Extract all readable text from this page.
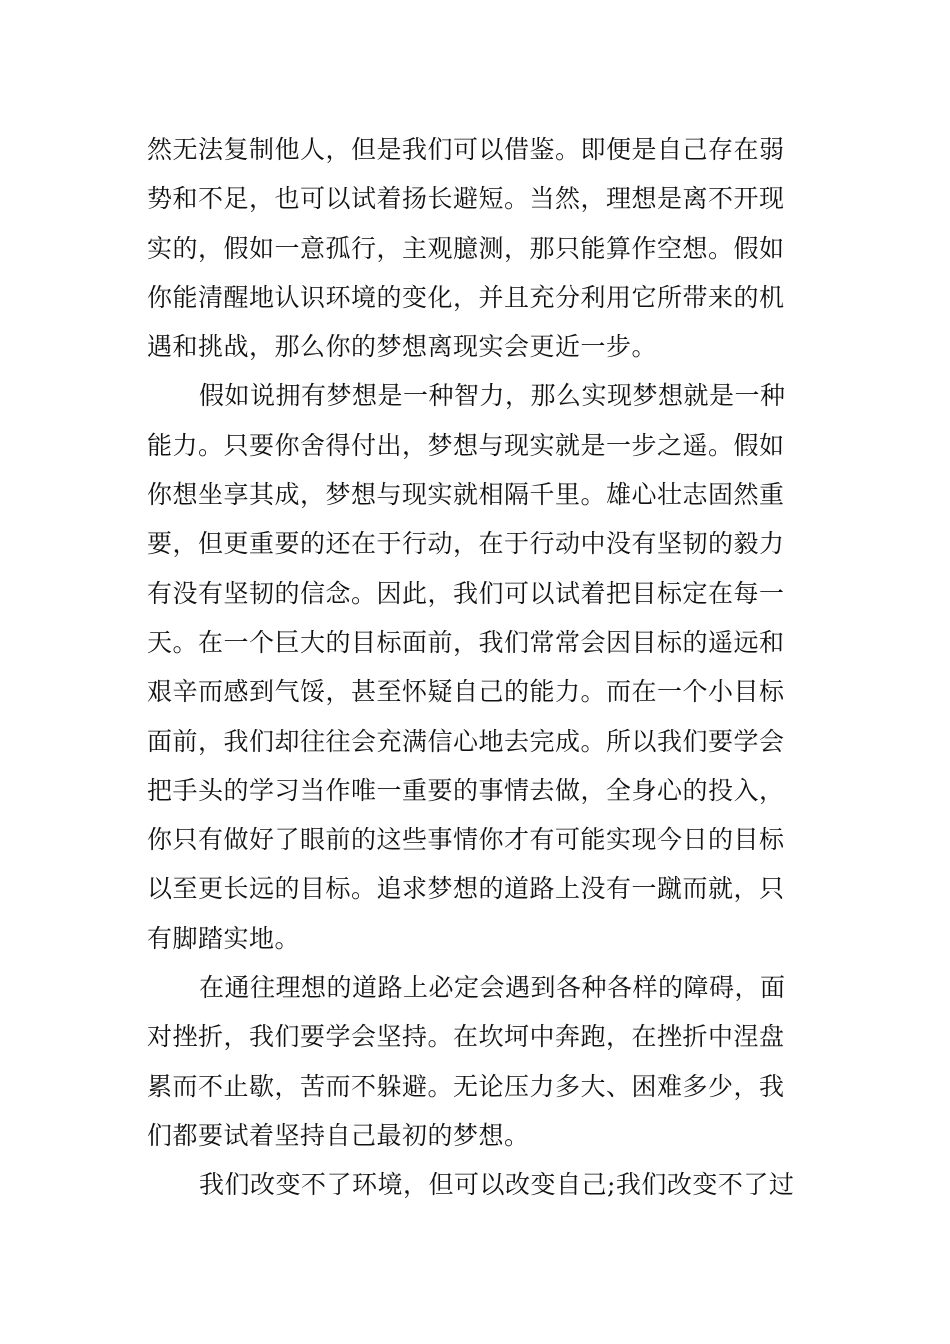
然无法复制他人，但是我们可以借鉴。即便是自己存在弱
势和不足，也可以试着扬长避短。当然，理想是离不开现
实的，假如一意孤行，主观臆测，那只能算作空想。假如
你能清醒地认识环境的变化，并且充分利用它所带来的机
遇和挑战，那么你的梦想离现实会更近一步。
假如说拥有梦想是一种智力，那么实现梦想就是一种
能力。只要你舍得付出，梦想与现实就是一步之遥。假如
你想坐享其成，梦想与现实就相隔千里。雄心壮志固然重
要，但更重要的还在于行动，在于行动中没有坚韧的毅力
有没有坚韧的信念。因此，我们可以试着把目标定在每一
天。在一个巨大的目标面前，我们常常会因目标的遥远和
艰辛而感到气馁，甚至怀疑自己的能力。而在一个小目标
面前，我们却往往会充满信心地去完成。所以我们要学会
把手头的学习当作唯一重要的事情去做，全身心的投入，
你只有做好了眼前的这些事情你才有可能实现今日的目标
以至更长远的目标。追求梦想的道路上没有一蹴而就，只
有脚踏实地。
在通往理想的道路上必定会遇到各种各样的障碍，面
对挫折，我们要学会坚持。在坎坷中奔跑，在挫折中涅盘
累而不止歇，苦而不躲避。无论压力多大、困难多少，我
们都要试着坚持自己最初的梦想。
我们改变不了环境，但可以改变自己;我们改变不了过
